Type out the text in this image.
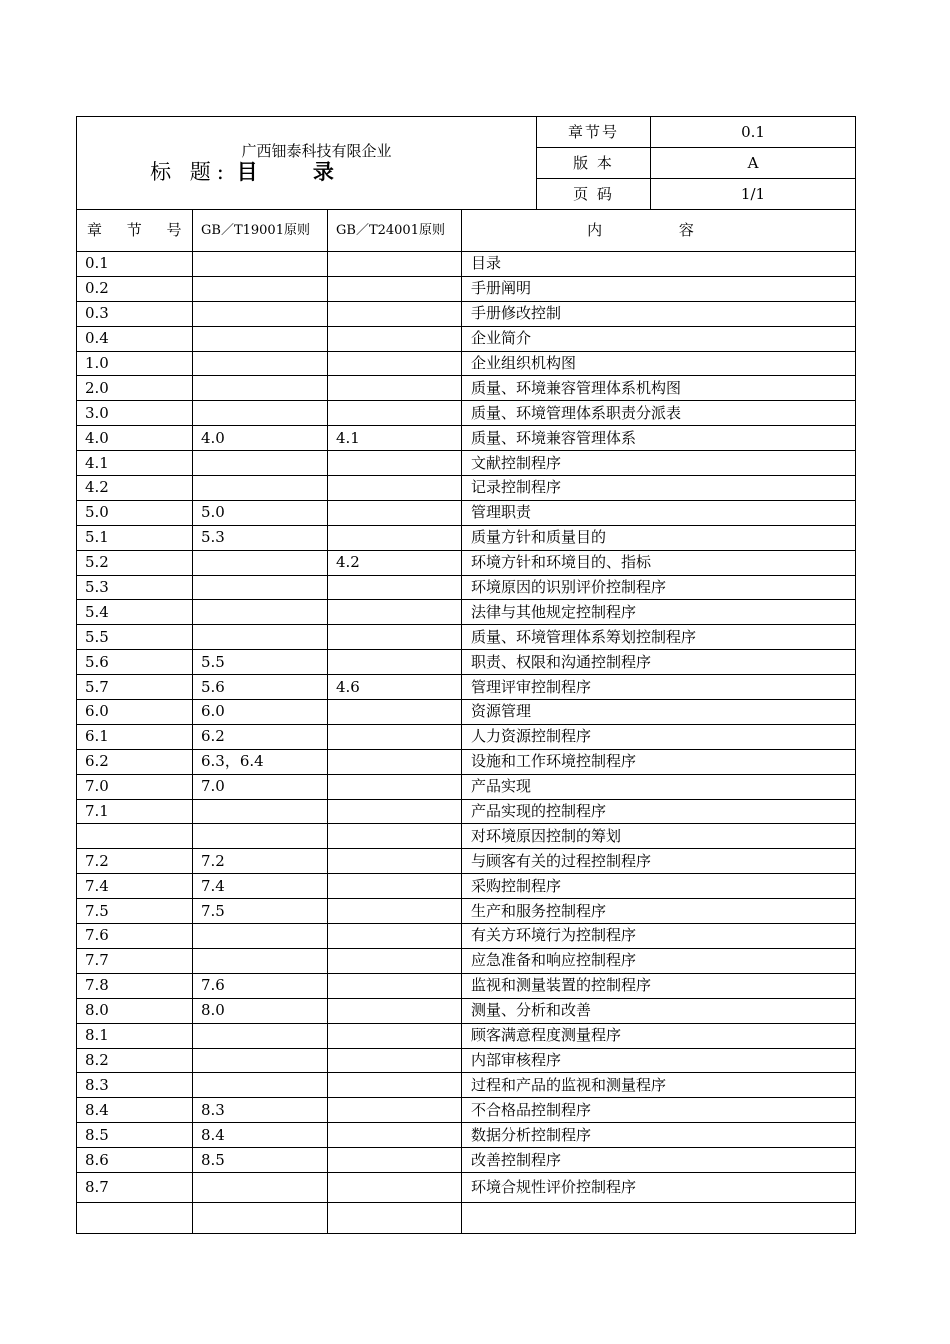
广西钿泰科技有限企业
标 题: 目 录	章节号	0.1
	版 本	A
	页 码	1/1
章 节 号	GB／T19001原则	GB／T24001原则	内 容
0.1			目录
0.2			手册阐明
0.3			手册修改控制
0.4			企业简介
1.0			企业组织机构图
2.0			质量、环境兼容管理体系机构图
3.0			质量、环境管理体系职责分派表
4.0	4.0	4.1	质量、环境兼容管理体系
4.1			文献控制程序
4.2			记录控制程序
5.0	5.0		管理职责
5.1	5.3		质量方针和质量目的
5.2		4.2	环境方针和环境目的、指标
5.3			环境原因的识别评价控制程序
5.4			法律与其他规定控制程序
5.5			质量、环境管理体系筹划控制程序
5.6	5.5		职责、权限和沟通控制程序
5.7	5.6	4.6	管理评审控制程序
6.0	6.0		资源管理
6.1	6.2		人力资源控制程序
6.2	6.3，6.4		设施和工作环境控制程序
7.0	7.0		产品实现
7.1			产品实现的控制程序
			对环境原因控制的筹划
7.2	7.2		与顾客有关的过程控制程序
7.4	7.4		采购控制程序
7.5	7.5		生产和服务控制程序
7.6			有关方环境行为控制程序
7.7			应急准备和响应控制程序
7.8	7.6		监视和测量装置的控制程序
8.0	8.0		测量、分析和改善
8.1			顾客满意程度测量程序
8.2			内部审核程序
8.3			过程和产品的监视和测量程序
8.4	8.3		不合格品控制程序
8.5	8.4		数据分析控制程序
8.6	8.5		改善控制程序
8.7			环境合规性评价控制程序
